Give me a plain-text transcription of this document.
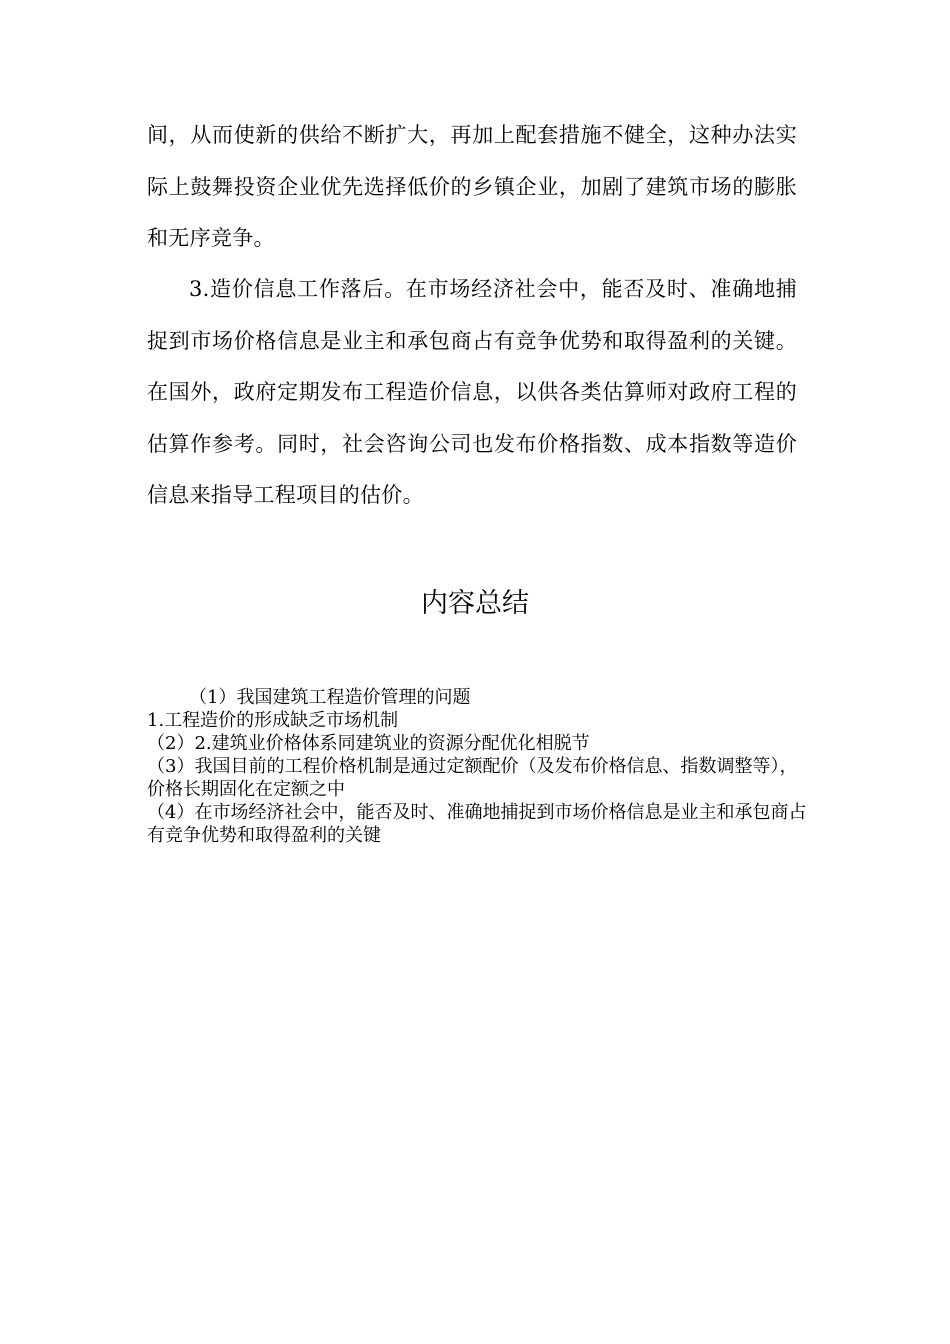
间，从而使新的供给不断扩大，再加上配套措施不健全，这种办法实际上鼓舞投资企业优先选择低价的乡镇企业，加剧了建筑市场的膨胀和无序竞争。

3.造价信息工作落后。在市场经济社会中，能否及时、准确地捕捉到市场价格信息是业主和承包商占有竞争优势和取得盈利的关键。在国外，政府定期发布工程造价信息，以供各类估算师对政府工程的估算作参考。同时，社会咨询公司也发布价格指数、成本指数等造价信息来指导工程项目的估价。

内容总结
（1）我国建筑工程造价管理的问题
1.工程造价的形成缺乏市场机制
（2）2.建筑业价格体系同建筑业的资源分配优化相脱节
（3）我国目前的工程价格机制是通过定额配价（及发布价格信息、指数调整等），价格长期固化在定额之中
（4）在市场经济社会中，能否及时、准确地捕捉到市场价格信息是业主和承包商占有竞争优势和取得盈利的关键
